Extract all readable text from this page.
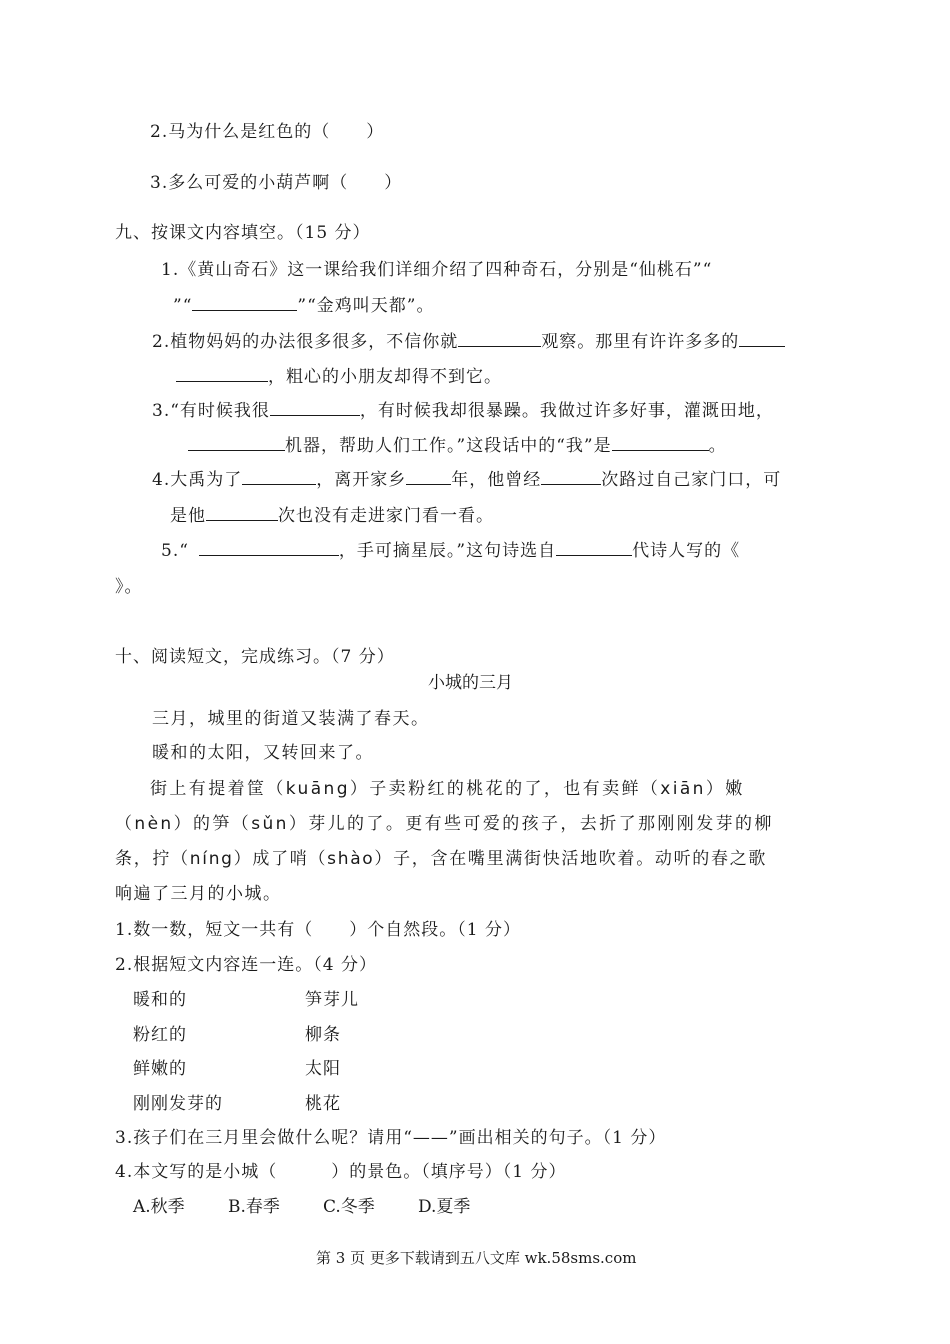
2.马为什么是红色的（　　）
3.多么可爱的小葫芦啊（　　）
九、按课文内容填空。（15 分）
1.《黄山奇石》这一课给我们详细介绍了四种奇石，分别是“仙桃石”“
”“	”“金鸡叫天都”。
2.植物妈妈的办法很多很多，不信你就	观察。那里有许许多多的
，粗心的小朋友却得不到它。
3.“有时候我很	，有时候我却很暴躁。我做过许多好事，灌溉田地，
机器，帮助人们工作。”这段话中的“我”是	。
4.大禹为了	，离开家乡	年，他曾经	次路过自己家门口，可
是他	次也没有走进家门看一看。
5.“	，手可摘星辰。”这句诗选自	代诗人写的《
》。
十、阅读短文，完成练习。（7 分）
小城的三月
三月，城里的街道又装满了春天。
暖和的太阳，又转回来了。
街上有提着筐（kuāng）子卖粉红的桃花的了，也有卖鲜（xiān）嫩
（nèn）的笋（sǔn）芽儿的了。更有些可爱的孩子，去折了那刚刚发芽的柳
条，拧（níng）成了哨（shào）子，含在嘴里满街快活地吹着。动听的春之歌
响遍了三月的小城。
1.数一数，短文一共有（　　）个自然段。（1 分）
2.根据短文内容连一连。（4 分）
暖和的
粉红的
鲜嫩的
刚刚发芽的
笋芽儿
柳条
太阳
桃花
3.孩子们在三月里会做什么呢？请用“——”画出相关的句子。（1 分）
4.本文写的是小城（　　　）的景色。（填序号）（1 分）
A.秋季	B.春季	C.冬季	D.夏季
第 3 页 更多下载请到五八文库 wk.58sms.com
